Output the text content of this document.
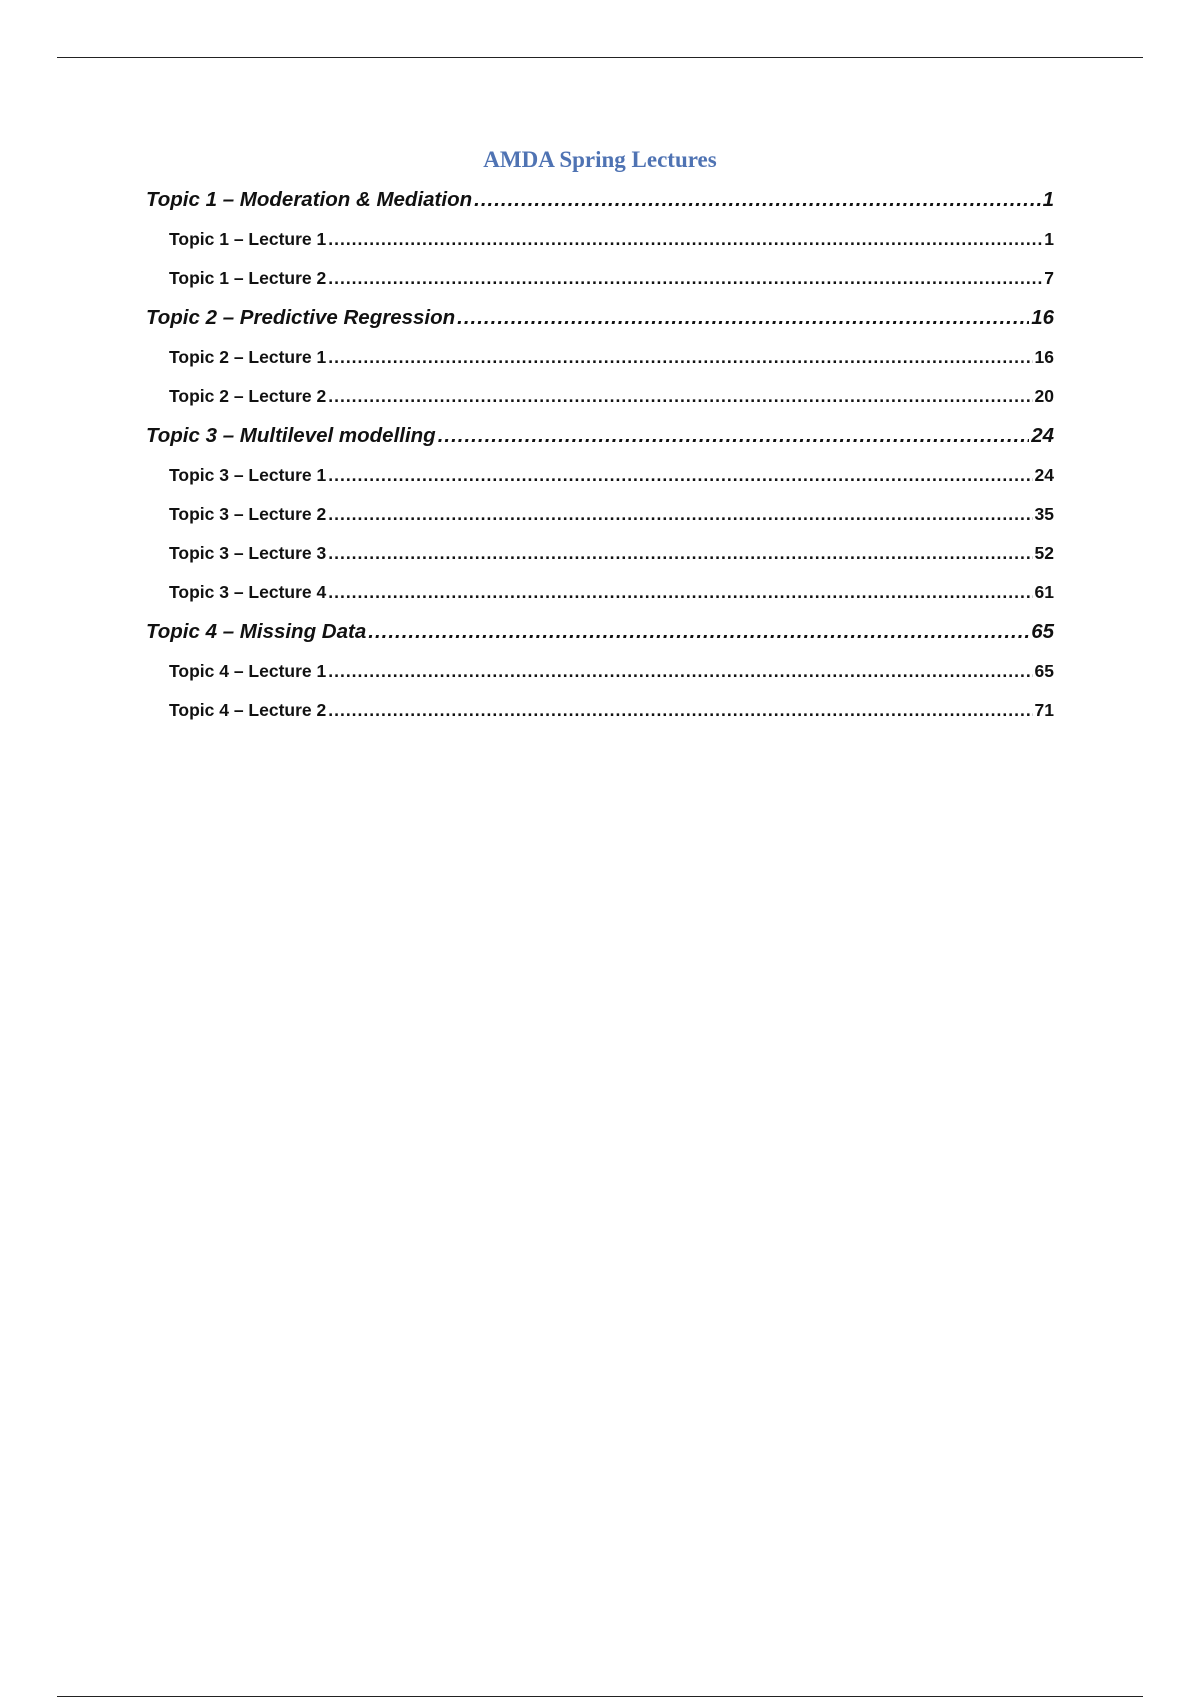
AMDA Spring Lectures
Topic 1 – Moderation & Mediation .....	1
Topic 1 – Lecture 1 .....	1
Topic 1 – Lecture 2 .....	7
Topic 2 – Predictive Regression .....	16
Topic 2 – Lecture 1 .....	16
Topic 2 – Lecture 2 .....	20
Topic 3 – Multilevel modelling .....	24
Topic 3 – Lecture 1 .....	24
Topic 3 – Lecture 2 .....	35
Topic 3 – Lecture 3 .....	52
Topic 3 – Lecture 4 .....	61
Topic 4 – Missing Data .....	65
Topic 4 – Lecture 1 .....	65
Topic 4 – Lecture 2 .....	71
